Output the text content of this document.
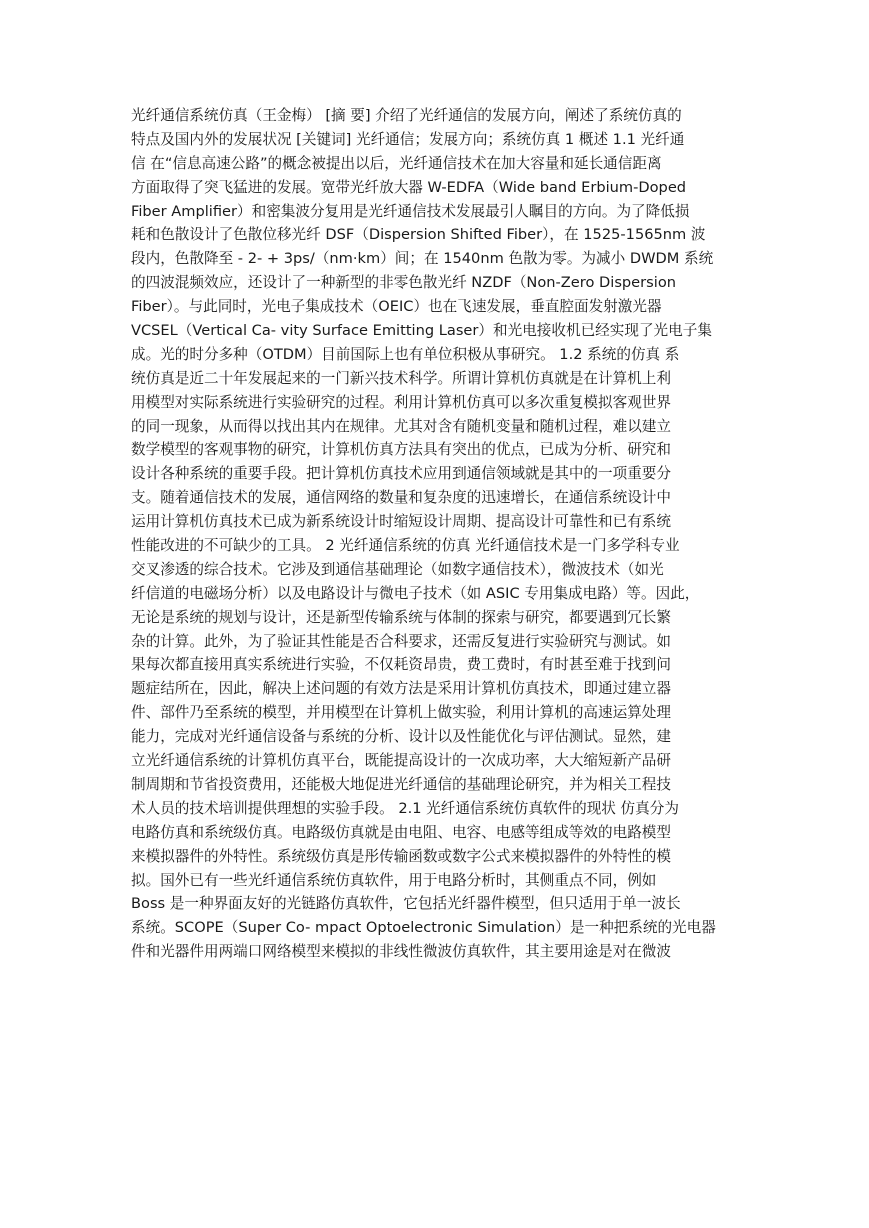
光纤通信系统仿真（王金梅） [摘 要] 介绍了光纤通信的发展方向，阐述了系统仿真的
特点及国内外的发展状况 [关键词] 光纤通信；发展方向；系统仿真 1 概述 1.1 光纤通
信 在“信息高速公路”的概念被提出以后，光纤通信技术在加大容量和延长通信距离
方面取得了突飞猛进的发展。宽带光纤放大器 W-EDFA（Wide band Erbium-Doped
Fiber Amplifier）和密集波分复用是光纤通信技术发展最引人瞩目的方向。为了降低损
耗和色散设计了色散位移光纤 DSF（Dispersion Shifted Fiber），在 1525-1565nm 波
段内，色散降至 - 2- + 3ps/（nm·km）间；在 1540nm 色散为零。为减小 DWDM 系统
的四波混频效应，还设计了一种新型的非零色散光纤 NZDF（Non-Zero Dispersion
Fiber）。与此同时，光电子集成技术（OEIC）也在飞速发展，垂直腔面发射激光器
VCSEL（Vertical Ca- vity Surface Emitting Laser）和光电接收机已经实现了光电子集
成。光的时分多种（OTDM）目前国际上也有单位积极从事研究。 1.2 系统的仿真 系
统仿真是近二十年发展起来的一门新兴技术科学。所谓计算机仿真就是在计算机上利
用模型对实际系统进行实验研究的过程。利用计算机仿真可以多次重复模拟客观世界
的同一现象，从而得以找出其内在规律。尤其对含有随机变量和随机过程，难以建立
数学模型的客观事物的研究，计算机仿真方法具有突出的优点，已成为分析、研究和
设计各种系统的重要手段。把计算机仿真技术应用到通信领域就是其中的一项重要分
支。随着通信技术的发展，通信网络的数量和复杂度的迅速增长，在通信系统设计中
运用计算机仿真技术已成为新系统设计时缩短设计周期、提高设计可靠性和已有系统
性能改进的不可缺少的工具。 2 光纤通信系统的仿真 光纤通信技术是一门多学科专业
交叉渗透的综合技术。它涉及到通信基础理论（如数字通信技术），微波技术（如光
纤信道的电磁场分析）以及电路设计与微电子技术（如 ASIC 专用集成电路）等。因此，
无论是系统的规划与设计，还是新型传输系统与体制的探索与研究，都要遇到冗长繁
杂的计算。此外，为了验证其性能是否合科要求，还需反复进行实验研究与测试。如
果每次都直接用真实系统进行实验，不仅耗资昂贵，费工费时，有时甚至难于找到问
题症结所在，因此，解决上述问题的有效方法是采用计算机仿真技术，即通过建立器
件、部件乃至系统的模型，并用模型在计算机上做实验，利用计算机的高速运算处理
能力，完成对光纤通信设备与系统的分析、设计以及性能优化与评估测试。显然，建
立光纤通信系统的计算机仿真平台，既能提高设计的一次成功率，大大缩短新产品研
制周期和节省投资费用，还能极大地促进光纤通信的基础理论研究，并为相关工程技
术人员的技术培训提供理想的实验手段。 2.1 光纤通信系统仿真软件的现状 仿真分为
电路仿真和系统级仿真。电路级仿真就是由电阻、电容、电感等组成等效的电路模型
来模拟器件的外特性。系统级仿真是彤传输函数或数字公式来模拟器件的外特性的模
拟。国外已有一些光纤通信系统仿真软件，用于电路分析时，其侧重点不同，例如
Boss 是一种界面友好的光链路仿真软件，它包括光纤器件模型，但只适用于单一波长
系统。SCOPE（Super Co- mpact Optoelectronic Simulation）是一种把系统的光电器
件和光器件用两端口网络模型来模拟的非线性微波仿真软件，其主要用途是对在微波
